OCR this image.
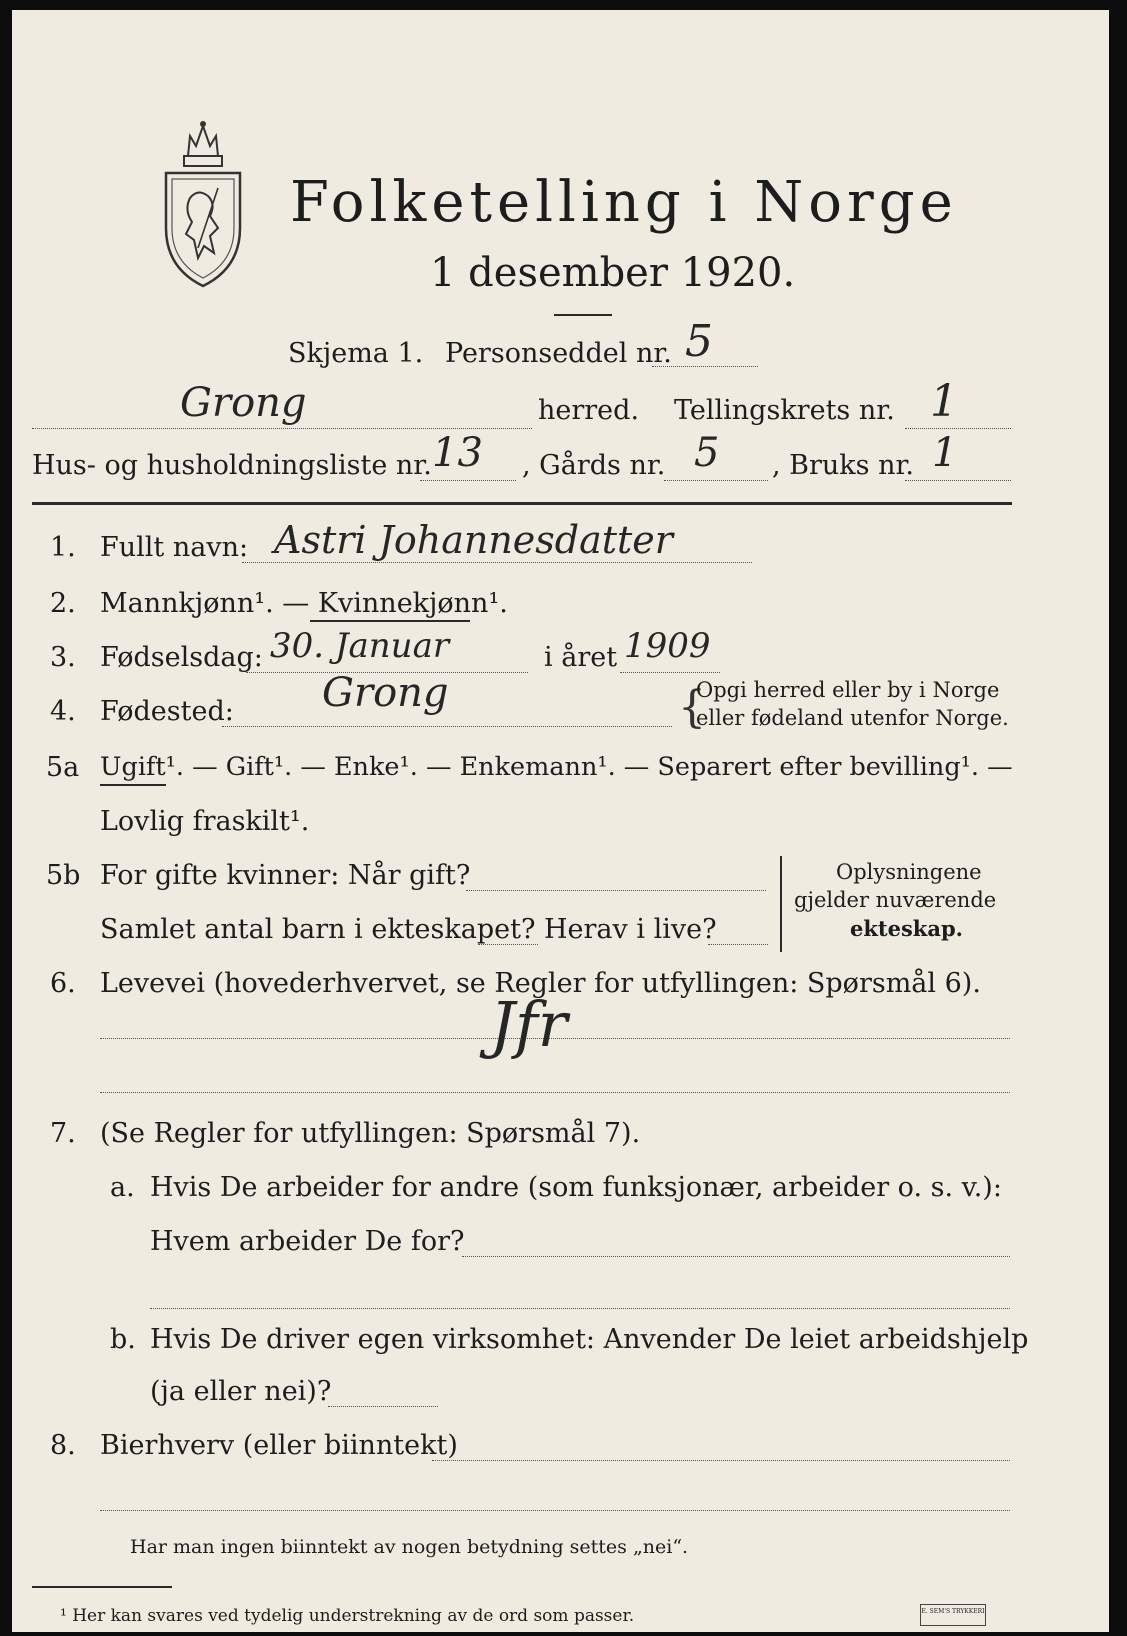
Folketelling i Norge
1 desember 1920.
Skjema 1. Personseddel nr. 5
Grong	herred. Tellingskrets nr. 1
Hus- og husholdningsliste nr. 13 , Gårds nr. 5 , Bruks nr. 1
1. Fullt navn: Astri Johannesdatter
2. Mannkjønn¹. — Kvinnekjønn¹.
3. Fødselsdag: 30. Januar	i året 1909
4. Fødested: Grong	{
Opgi herred eller by i Norge
eller fødeland utenfor Norge.
5a Ugift¹. — Gift¹. — Enke¹. — Enkemann¹. — Separert efter bevilling¹. —
Lovlig fraskilt¹.
5b For gifte kvinner: Når gift?
Samlet antal barn i ekteskapet? Herav i live?
Oplysningene
gjelder nuværende
ekteskap.
6. Levevei (hovederhvervet, se Regler for utfyllingen: Spørsmål 6).
Jfr
7. (Se Regler for utfyllingen: Spørsmål 7).
a. Hvis De arbeider for andre (som funksjonær, arbeider o. s. v.):
Hvem arbeider De for?
b. Hvis De driver egen virksomhet: Anvender De leiet arbeidshjelp
(ja eller nei)?
8. Bierhverv (eller biinntekt)
Har man ingen biinntekt av nogen betydning settes „nei“.
¹ Her kan svares ved tydelig understrekning av de ord som passer.	E. SEM'S TRYKKERI
